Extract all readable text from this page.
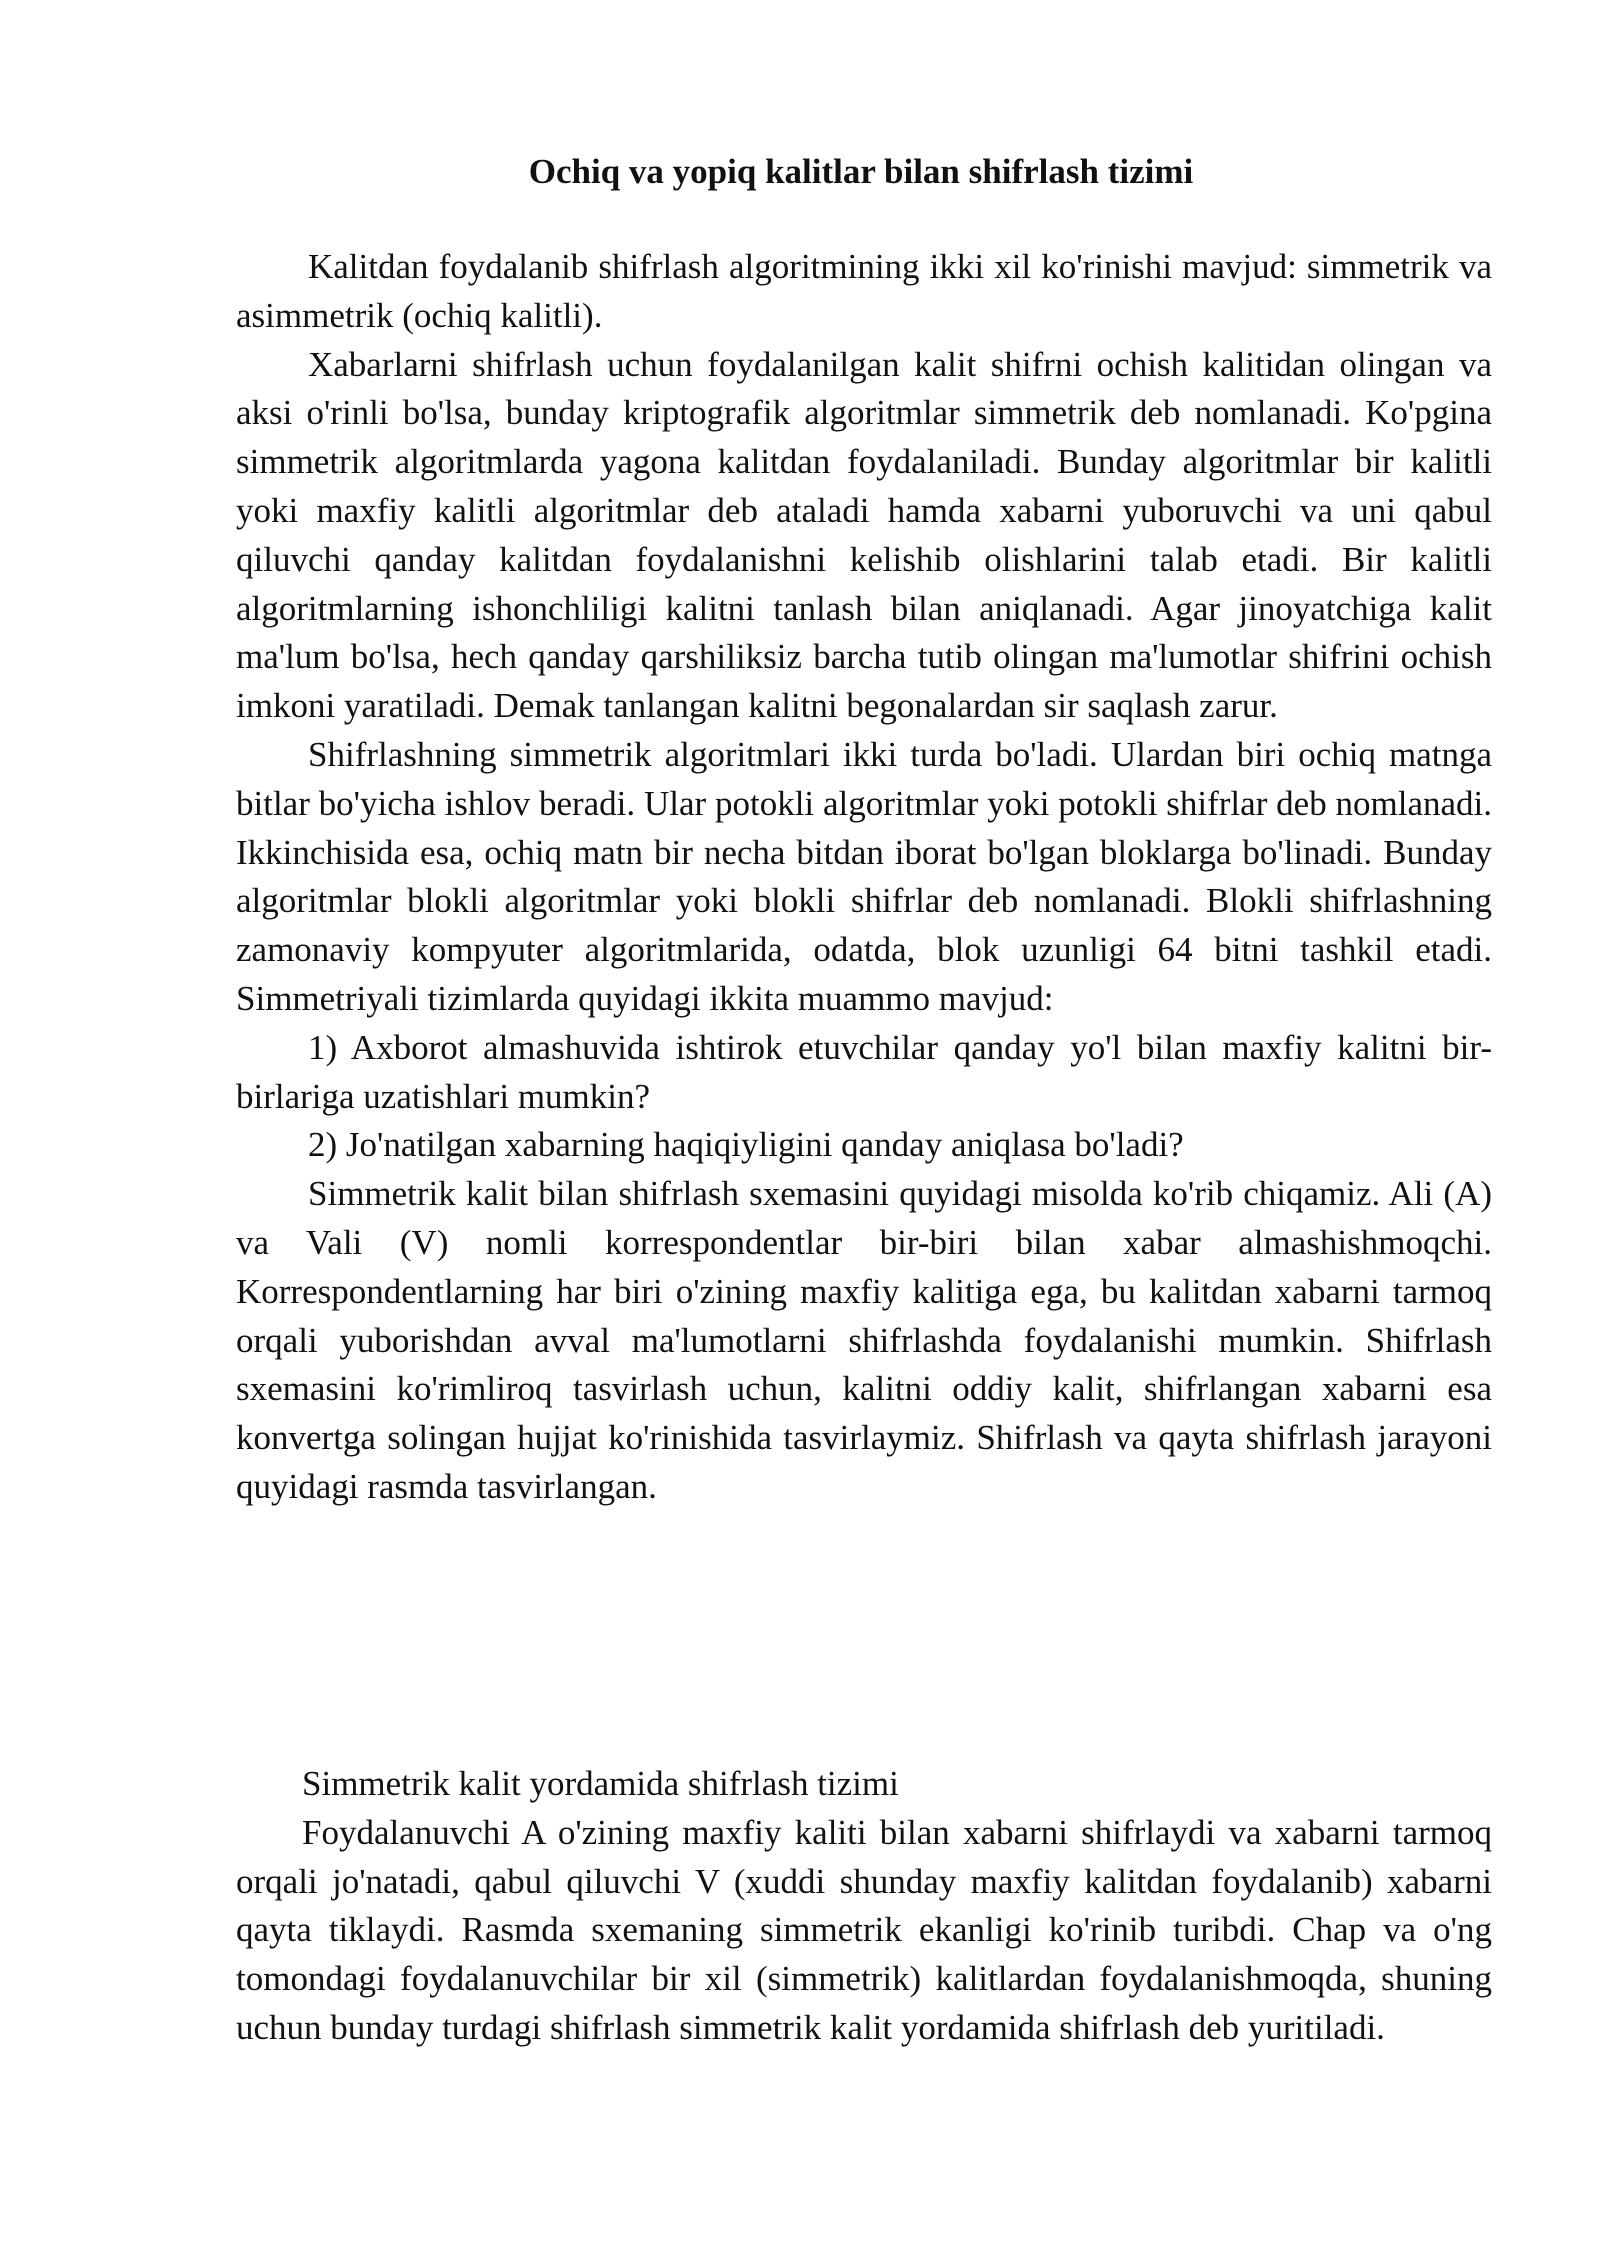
Ochiq va yopiq kalitlar bilan shifrlash tizimi

Kalitdan foydalanib shifrlash algoritmining ikki xil ko'rinishi mavjud: simmetrik va asimmetrik (ochiq kalitli).

Xabarlarni shifrlash uchun foydalanilgan kalit shifrni ochish kalitidan olingan va aksi o'rinli bo'lsa, bunday kriptografik algoritmlar simmetrik deb nomlanadi. Ko'pgina simmetrik algoritmlarda yagona kalitdan foydalaniladi. Bunday algoritmlar bir kalitli yoki maxfiy kalitli algoritmlar deb ataladi hamda xabarni yuboruvchi va uni qabul qiluvchi qanday kalitdan foydalanishni kelishib olishlarini talab etadi. Bir kalitli algoritmlarning ishonchliligi kalitni tanlash bilan aniqlanadi. Agar jinoyatchiga kalit ma'lum bo'lsa, hech qanday qarshiliksiz barcha tutib olingan ma'lumotlar shifrini ochish imkoni yaratiladi. Demak tanlangan kalitni begonalardan sir saqlash zarur.

Shifrlashning simmetrik algoritmlari ikki turda bo'ladi. Ulardan biri ochiq matnga bitlar bo'yicha ishlov beradi. Ular potokli algoritmlar yoki potokli shifrlar deb nomlanadi. Ikkinchisida esa, ochiq matn bir necha bitdan iborat bo'lgan bloklarga bo'linadi. Bunday algoritmlar blokli algoritmlar yoki blokli shifrlar deb nomlanadi. Blokli shifrlashning zamonaviy kompyuter algoritmlarida, odatda, blok uzunligi 64 bitni tashkil etadi. Simmetriyali tizimlarda quyidagi ikkita muammo mavjud:

1) Axborot almashuvida ishtirok etuvchilar qanday yo'l bilan maxfiy kalitni bir-birlariga uzatishlari mumkin?

2) Jo'natilgan xabarning haqiqiyligini qanday aniqlasa bo'ladi?

Simmetrik kalit bilan shifrlash sxemasini quyidagi misolda ko'rib chiqamiz. Ali (A) va Vali (V) nomli korrespondentlar bir-biri bilan xabar almashishmoqchi. Korrespondentlarning har biri o'zining maxfiy kalitiga ega, bu kalitdan xabarni tarmoq orqali yuborishdan avval ma'lumotlarni shifrlashda foydalanishi mumkin. Shifrlash sxemasini ko'rimliroq tasvirlash uchun, kalitni oddiy kalit, shifrlangan xabarni esa konvertga solingan hujjat ko'rinishida tasvirlaymiz. Shifrlash va qayta shifrlash jarayoni quyidagi rasmda tasvirlangan.

Simmetrik kalit yordamida shifrlash tizimi

Foydalanuvchi A o'zining maxfiy kaliti bilan xabarni shifrlaydi va xabarni tarmoq orqali jo'natadi, qabul qiluvchi V (xuddi shunday maxfiy kalitdan foydalanib) xabarni qayta tiklaydi. Rasmda sxemaning simmetrik ekanligi ko'rinib turibdi. Chap va o'ng tomondagi foydalanuvchilar bir xil (simmetrik) kalitlardan foydalanishmoqda, shuning uchun bunday turdagi shifrlash simmetrik kalit yordamida shifrlash deb yuritiladi.
